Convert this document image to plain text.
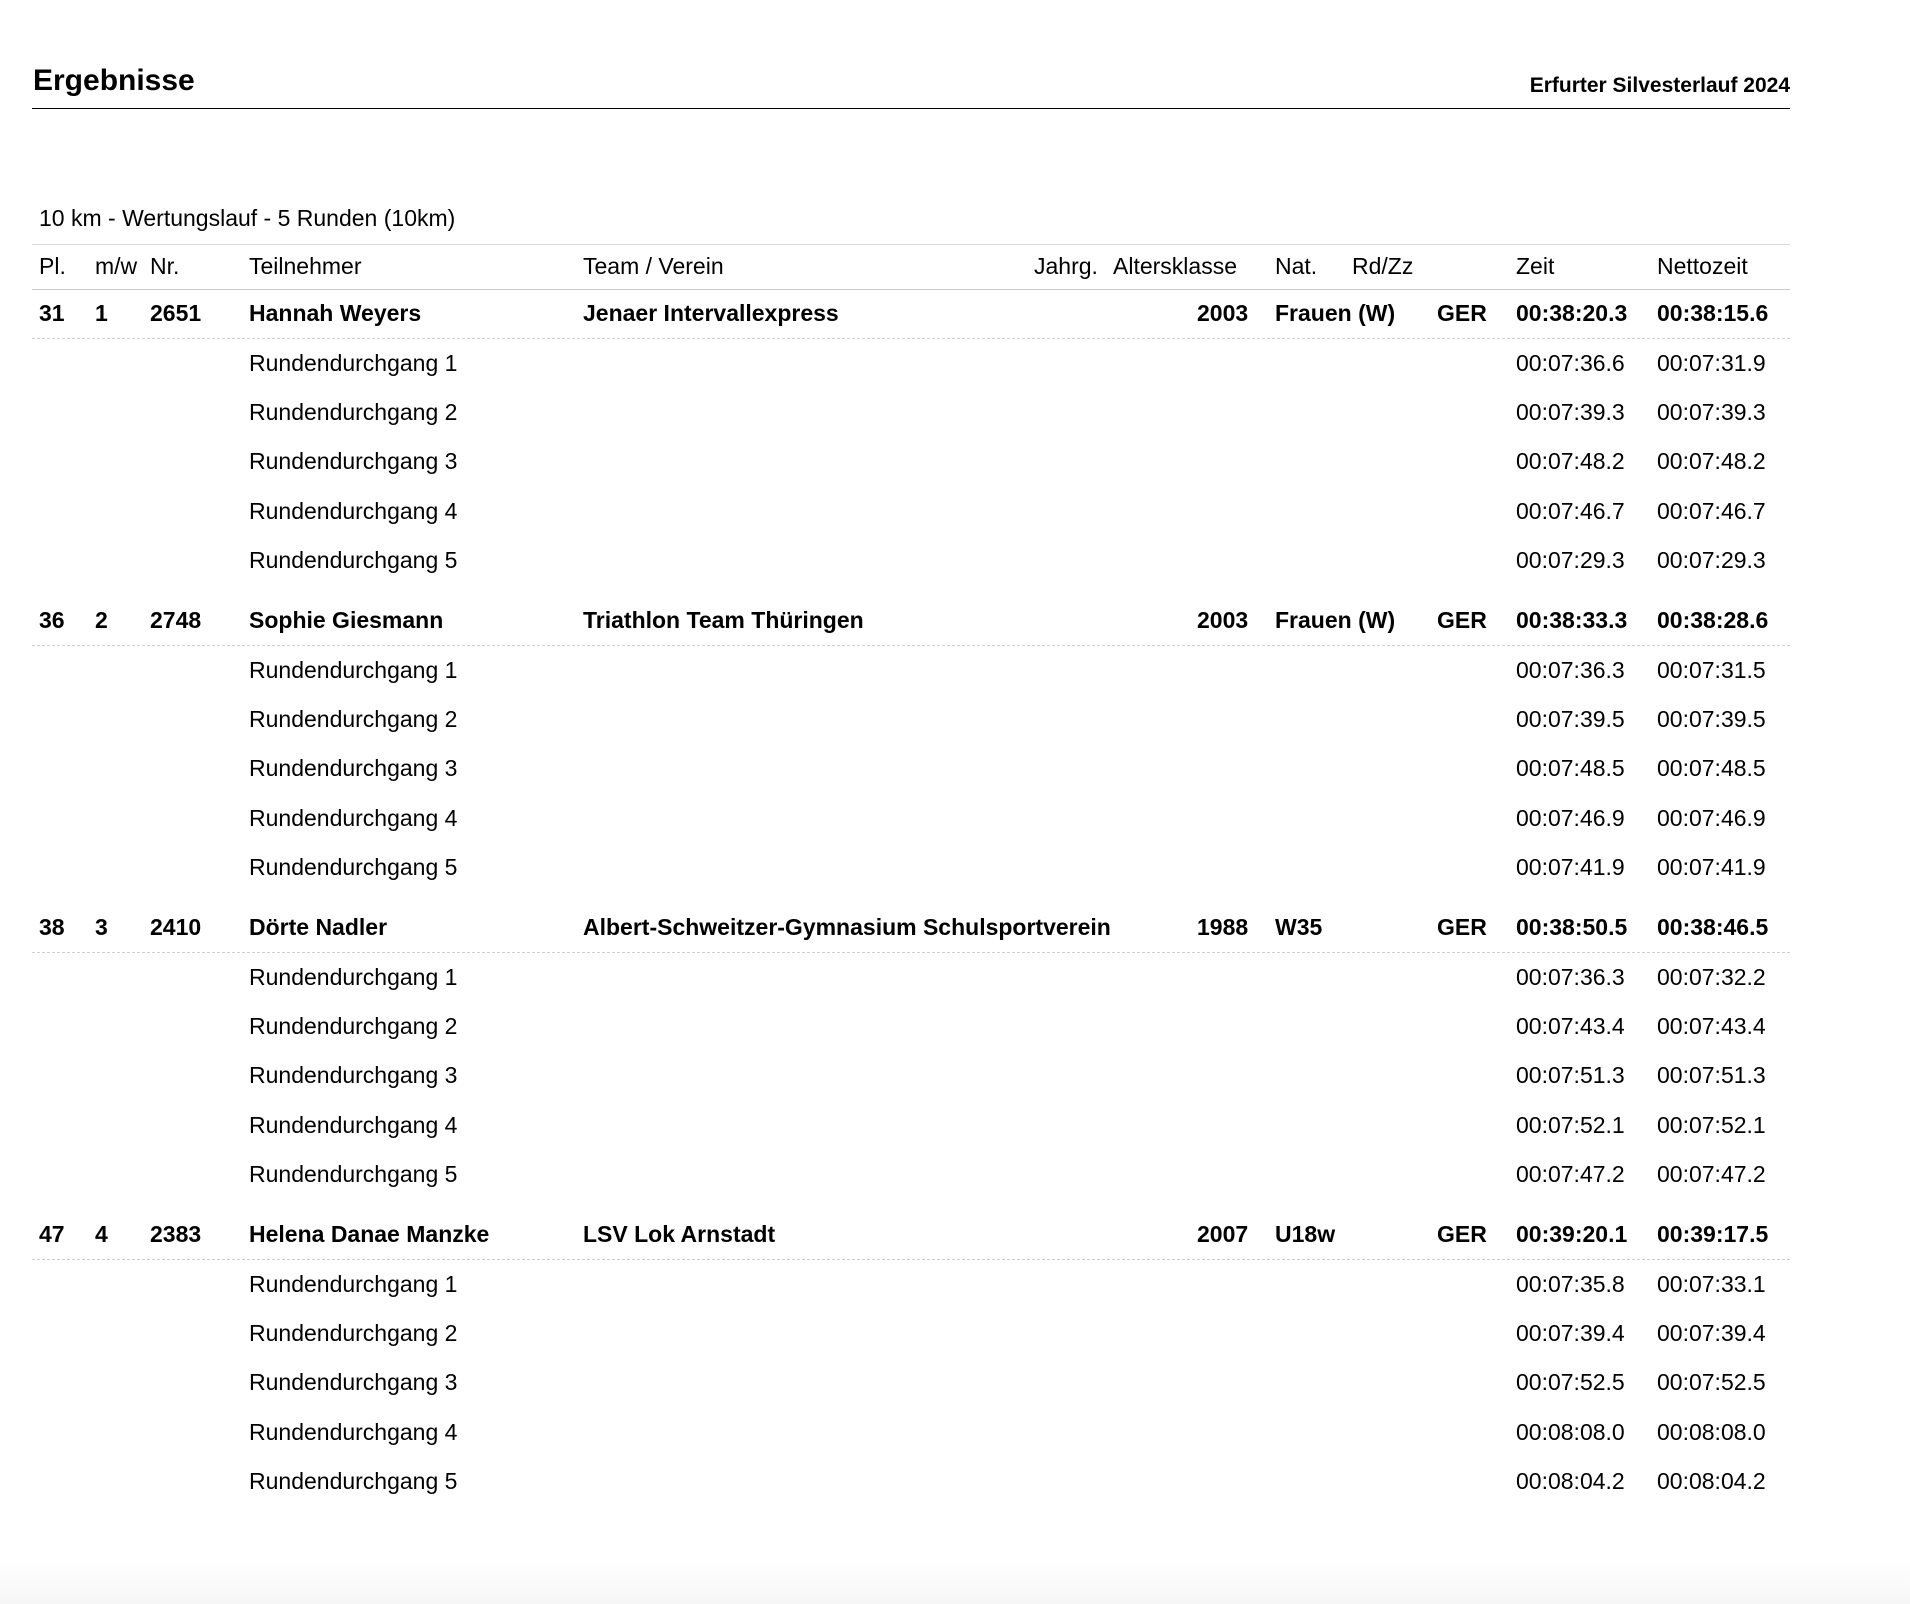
Ergebnisse	Erfurter Silvesterlauf 2024
10 km - Wertungslauf - 5 Runden (10km)
Pl. m/w Nr.	Teilnehmer	Team / Verein	Jahrg. Altersklasse Nat. Rd/Zz	Zeit	Nettozeit
31 1 2651 Hannah Weyers	Jenaer Intervallexpress	2003 Frauen (W) GER 00:38:20.3 00:38:15.6
Rundendurchgang 1	00:07:36.6 00:07:31.9
Rundendurchgang 2	00:07:39.3 00:07:39.3
Rundendurchgang 3	00:07:48.2 00:07:48.2
Rundendurchgang 4	00:07:46.7 00:07:46.7
Rundendurchgang 5	00:07:29.3 00:07:29.3
36 2 2748 Sophie Giesmann	Triathlon Team Thüringen	2003 Frauen (W) GER 00:38:33.3 00:38:28.6
Rundendurchgang 1	00:07:36.3 00:07:31.5
Rundendurchgang 2	00:07:39.5 00:07:39.5
Rundendurchgang 3	00:07:48.5 00:07:48.5
Rundendurchgang 4	00:07:46.9 00:07:46.9
Rundendurchgang 5	00:07:41.9 00:07:41.9
38 3 2410 Dörte Nadler	Albert-Schweitzer-Gymnasium Schulsportverein	1988 W35	GER 00:38:50.5 00:38:46.5
Rundendurchgang 1	00:07:36.3 00:07:32.2
Rundendurchgang 2	00:07:43.4 00:07:43.4
Rundendurchgang 3	00:07:51.3 00:07:51.3
Rundendurchgang 4	00:07:52.1 00:07:52.1
Rundendurchgang 5	00:07:47.2 00:07:47.2
47 4 2383 Helena Danae Manzke	LSV Lok Arnstadt	2007 U18w	GER 00:39:20.1 00:39:17.5
Rundendurchgang 1	00:07:35.8 00:07:33.1
Rundendurchgang 2	00:07:39.4 00:07:39.4
Rundendurchgang 3	00:07:52.5 00:07:52.5
Rundendurchgang 4	00:08:08.0 00:08:08.0
Rundendurchgang 5	00:08:04.2 00:08:04.2
